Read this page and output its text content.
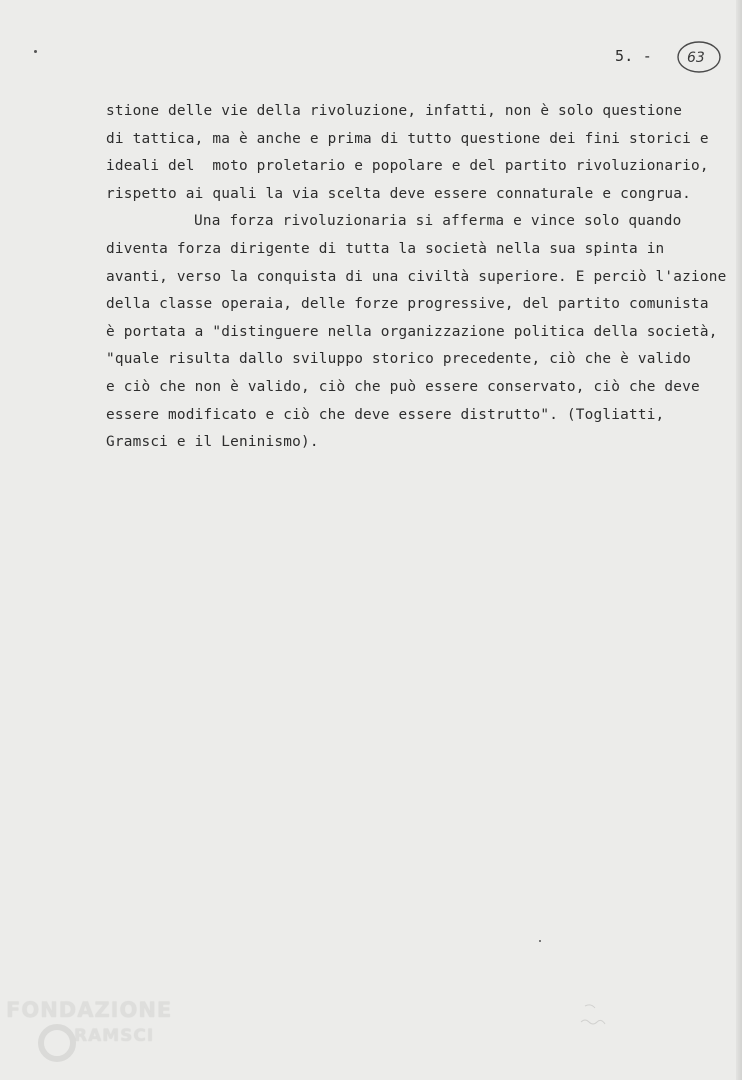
5. -	63
stione delle vie della rivoluzione, infatti, non è solo questione
di tattica, ma è anche e prima di tutto questione dei fini storici e
ideali del  moto proletario e popolare e del partito rivoluzionario,
rispetto ai quali la via scelta deve essere connaturale e congrua.
Una forza rivoluzionaria si afferma e vince solo quando
diventa forza dirigente di tutta la società nella sua spinta in
avanti, verso la conquista di una civiltà superiore. E perciò l'azione
della classe operaia, delle forze progressive, del partito comunista
è portata a "distinguere nella organizzazione politica della società,
"quale risulta dallo sviluppo storico precedente, ciò che è valido
e ciò che non è valido, ciò che può essere conservato, ciò che deve
essere modificato e ciò che deve essere distrutto". (Togliatti,
Gramsci e il Leninismo).
FONDAZIONE
RAMSCI
